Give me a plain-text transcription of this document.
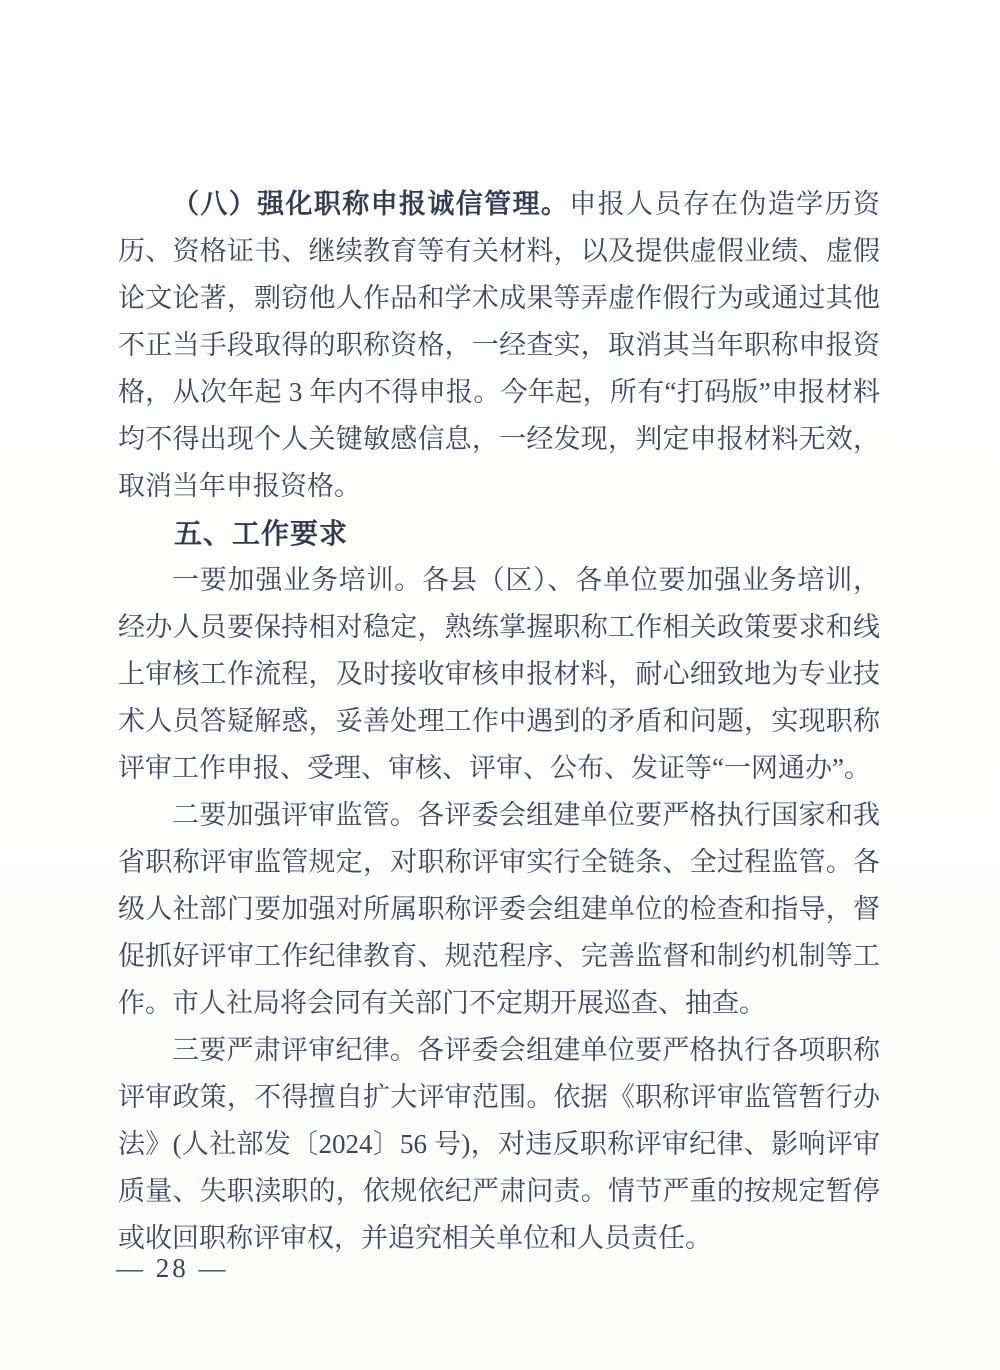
（八）强化职称申报诚信管理。申报人员存在伪造学历资历、资格证书、继续教育等有关材料，以及提供虚假业绩、虚假论文论著，剽窃他人作品和学术成果等弄虚作假行为或通过其他不正当手段取得的职称资格，一经查实，取消其当年职称申报资格，从次年起 3 年内不得申报。今年起，所有“打码版”申报材料均不得出现个人关键敏感信息，一经发现，判定申报材料无效，取消当年申报资格。

五、工作要求

一要加强业务培训。各县（区）、各单位要加强业务培训，经办人员要保持相对稳定，熟练掌握职称工作相关政策要求和线上审核工作流程，及时接收审核申报材料，耐心细致地为专业技术人员答疑解惑，妥善处理工作中遇到的矛盾和问题，实现职称评审工作申报、受理、审核、评审、公布、发证等“一网通办”。

二要加强评审监管。各评委会组建单位要严格执行国家和我省职称评审监管规定，对职称评审实行全链条、全过程监管。各级人社部门要加强对所属职称评委会组建单位的检查和指导，督促抓好评审工作纪律教育、规范程序、完善监督和制约机制等工作。市人社局将会同有关部门不定期开展巡查、抽查。

三要严肃评审纪律。各评委会组建单位要严格执行各项职称评审政策，不得擅自扩大评审范围。依据《职称评审监管暂行办法》(人社部发〔2024〕56 号)，对违反职称评审纪律、影响评审质量、失职渎职的，依规依纪严肃问责。情节严重的按规定暂停或收回职称评审权，并追究相关单位和人员责任。

— 28 —
